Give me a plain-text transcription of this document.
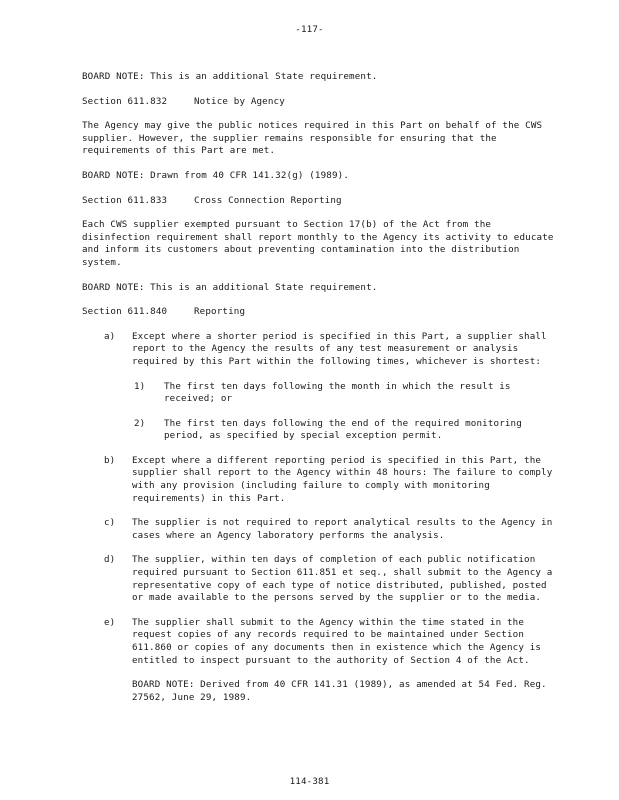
-117-

BOARD NOTE: This is an additional State requirement.

Section 611.832	Notice by Agency

The Agency may give the public notices required in this Part on behalf of the CWS supplier. However, the supplier remains responsible for ensuring that the requirements of this Part are met.

BOARD NOTE: Drawn from 40 CFR 141.32(g) (1989).

Section 611.833	Cross Connection Reporting

Each CWS supplier exempted pursuant to Section 17(b) of the Act from the disinfection requirement shall report monthly to the Agency its activity to educate and inform its customers about preventing contamination into the distribution system.

BOARD NOTE: This is an additional State requirement.

Section 611.840	Reporting

a) Except where a shorter period is specified in this Part, a supplier shall report to the Agency the results of any test measurement or analysis required by this Part within the following times, whichever is shortest:

1) The first ten days following the month in which the result is received; or

2) The first ten days following the end of the required monitoring period, as specified by special exception permit.

b) Except where a different reporting period is specified in this Part, the supplier shall report to the Agency within 48 hours: The failure to comply with any provision (including failure to comply with monitoring requirements) in this Part.

c) The supplier is not required to report analytical results to the Agency in cases where an Agency laboratory performs the analysis.

d) The supplier, within ten days of completion of each public notification required pursuant to Section 611.851 et seq., shall submit to the Agency a representative copy of each type of notice distributed, published, posted or made available to the persons served by the supplier or to the media.

e) The supplier shall submit to the Agency within the time stated in the request copies of any records required to be maintained under Section 611.860 or copies of any documents then in existence which the Agency is entitled to inspect pursuant to the authority of Section 4 of the Act.

BOARD NOTE: Derived from 40 CFR 141.31 (1989), as amended at 54 Fed. Reg. 27562, June 29, 1989.

114-381
